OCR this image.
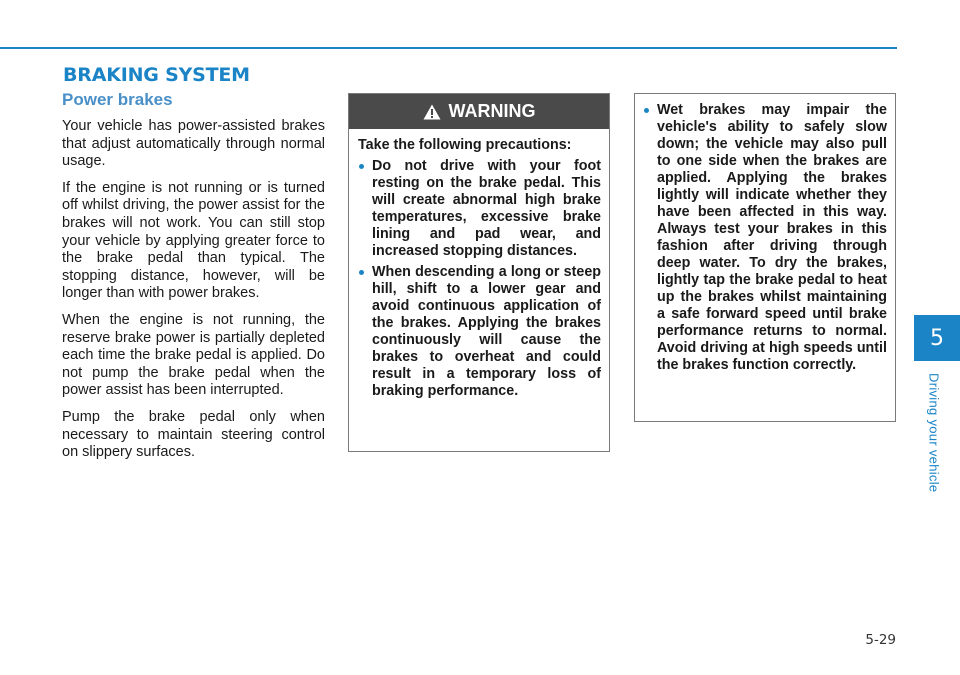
BRAKING SYSTEM
Power brakes

Your vehicle has power-assisted brakes that adjust automatically through normal usage.

If the engine is not running or is turned off whilst driving, the power assist for the brakes will not work. You can still stop your vehicle by applying greater force to the brake pedal than typical. The stopping distance, however, will be longer than with power brakes.

When the engine is not running, the reserve brake power is partially depleted each time the brake pedal is applied. Do not pump the brake pedal when the power assist has been interrupted.

Pump the brake pedal only when necessary to maintain steering control on slippery surfaces.

WARNING

Take the following precautions:

Do not drive with your foot resting on the brake pedal. This will create abnormal high brake temperatures, excessive brake lining and pad wear, and increased stopping distances.
When descending a long or steep hill, shift to a lower gear and avoid continuous application of the brakes. Applying the brakes continuously will cause the brakes to overheat and could result in a temporary loss of braking performance.
Wet brakes may impair the vehicle's ability to safely slow down; the vehicle may also pull to one side when the brakes are applied. Applying the brakes lightly will indicate whether they have been affected in this way. Always test your brakes in this fashion after driving through deep water. To dry the brakes, lightly tap the brake pedal to heat up the brakes whilst maintaining a safe forward speed until brake performance returns to normal. Avoid driving at high speeds until the brakes function correctly.
5
Driving your vehicle
5-29
